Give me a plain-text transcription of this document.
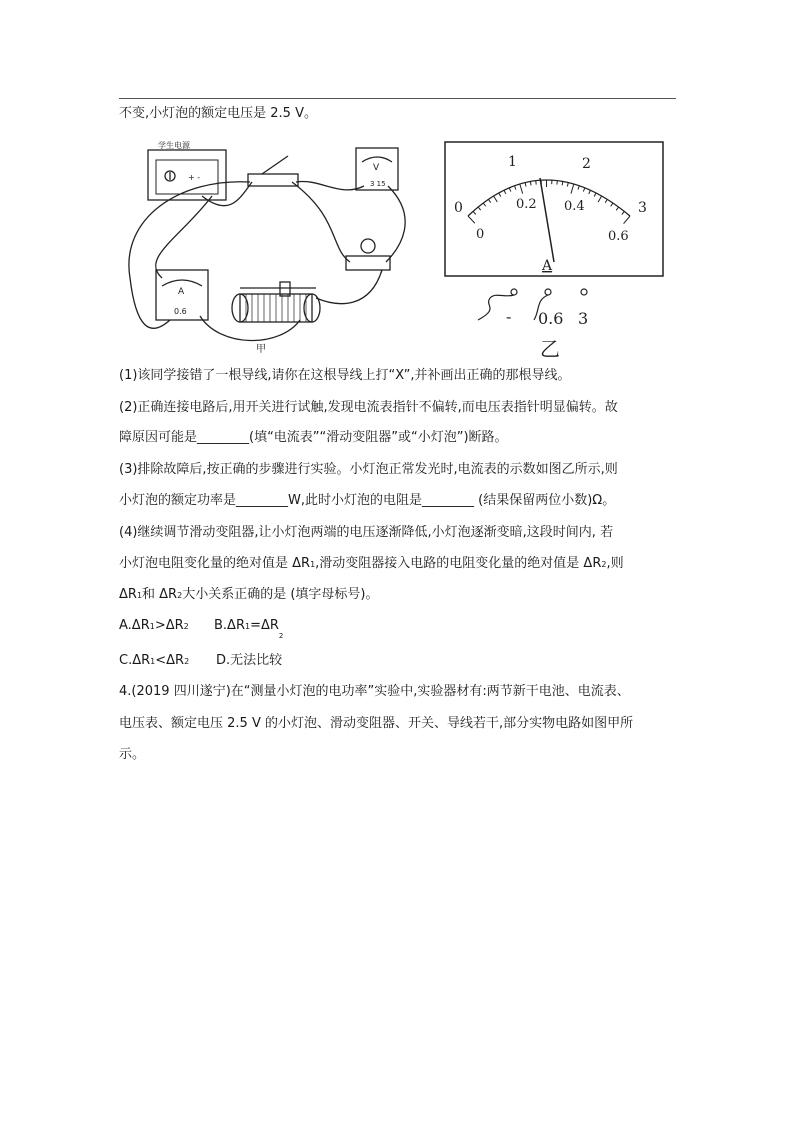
不变,小灯泡的额定电压是 2.5 V。
学生电源
+ -
V
3 15
A
0.6
甲
0
1	2
3
0
0.2 0.4
0.6
A
- 0.6 3
乙
(1)该同学接错了一根导线,请你在这根导线上打“X”,并补画出正确的那根导线。
(2)正确连接电路后,用开关进行试触,发现电流表指针不偏转,而电压表指针明显偏转。故
障原因可能是________(填“电流表”“滑动变阻器”或“小灯泡”)断路。
(3)排除故障后,按正确的步骤进行实验。小灯泡正常发光时,电流表的示数如图乙所示,则
小灯泡的额定功率是________W,此时小灯泡的电阻是________ (结果保留两位小数)Ω。
(4)继续调节滑动变阻器,让小灯泡两端的电压逐渐降低,小灯泡逐渐变暗,这段时间内, 若
小灯泡电阻变化量的绝对值是 ΔR1,滑动变阻器接入电路的电阻变化量的绝对值是 ΔR2,则
ΔR1和 ΔR2大小关系正确的是 (填字母标号)。
A.ΔR1>ΔR2 $B.\Delta R1=\Delta R_2$
C.ΔR1<ΔR2 D.无法比较
4.(2019 四川遂宁)在“测量小灯泡的电功率”实验中,实验器材有:两节新干电池、电流表、
电压表、额定电压 2.5 V 的小灯泡、滑动变阻器、开关、导线若干,部分实物电路如图甲所
示。
